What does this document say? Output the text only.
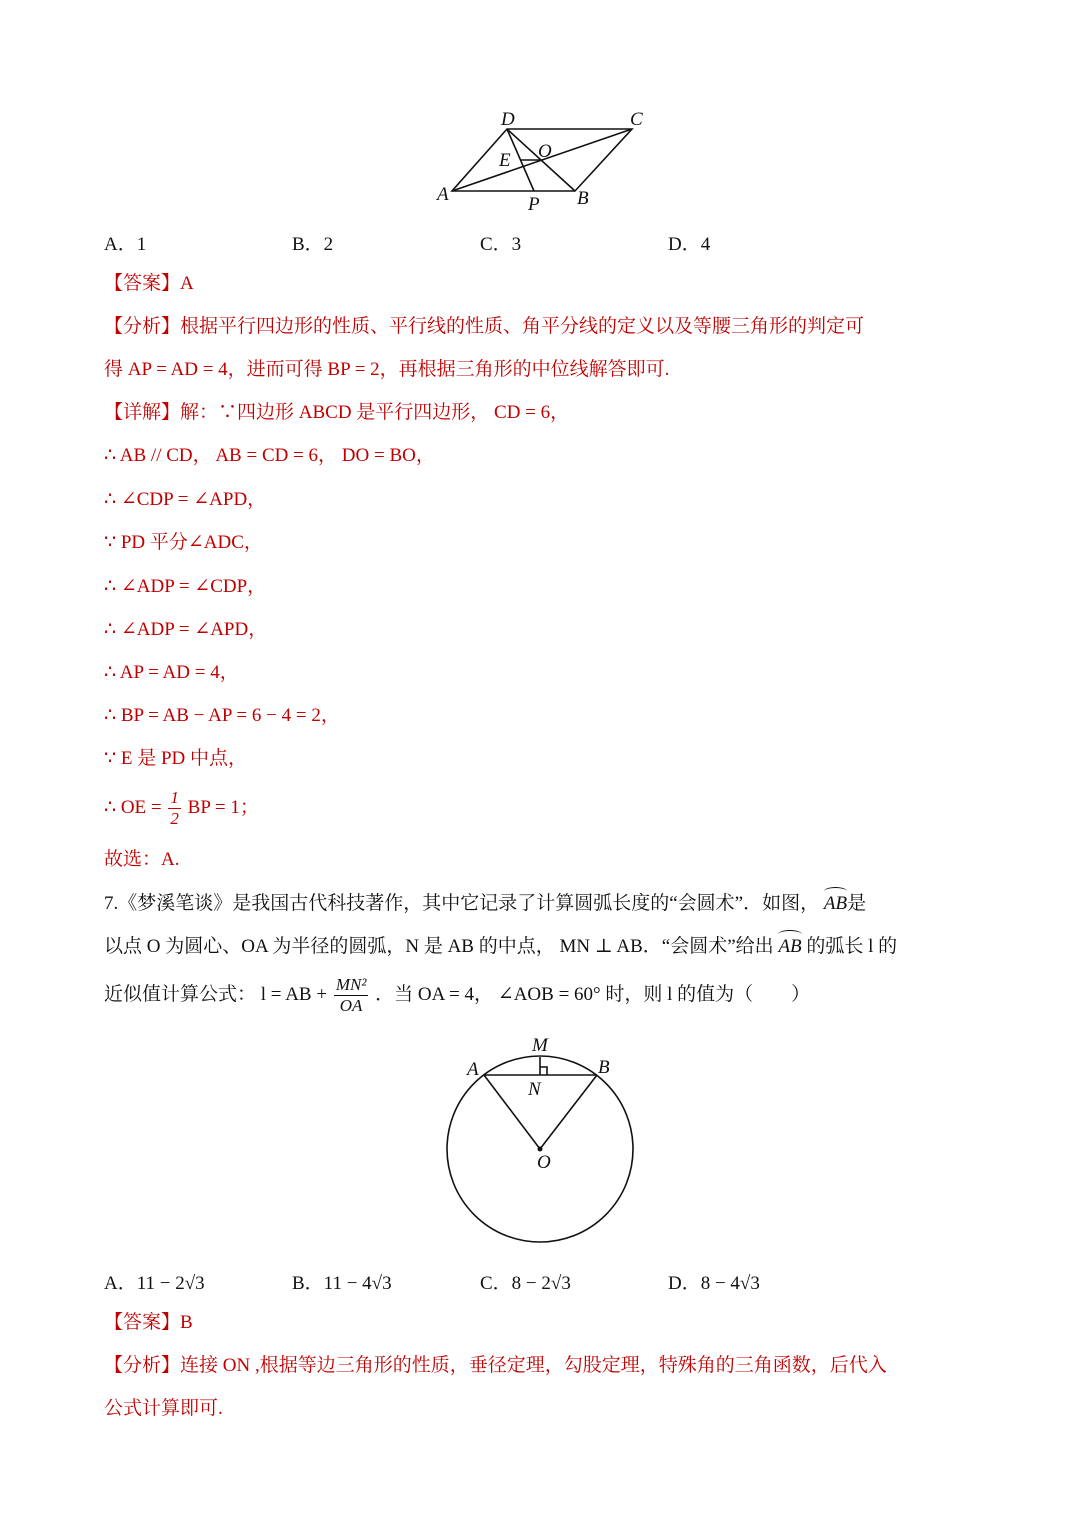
D	C
E O
A	P B
A．1	B．2	C．3	D．4
【答案】A
【分析】根据平行四边形的性质、平行线的性质、角平分线的定义以及等腰三角形的判定可
得 AP = AD = 4，进而可得 BP = 2，再根据三角形的中位线解答即可.
【详解】解：∵四边形 ABCD 是平行四边形， CD = 6，
∴ AB // CD， AB = CD = 6， DO = BO，
∴ ∠CDP = ∠APD，
∵ PD 平分∠ADC，
∴ ∠ADP = ∠CDP，
∴ ∠ADP = ∠APD，
∴ AP = AD = 4，
∴ BP = AB − AP = 6 − 4 = 2，
∵ E 是 PD 中点，
∴ OE = $\frac{1}{2}$ BP = 1；
故选：A.
7.《梦溪笔谈》是我国古代科技著作，其中它记录了计算圆弧长度的“会圆术”．如图， AB是
以点 O 为圆心、OA 为半径的圆弧，N 是 AB 的中点， MN ⊥ AB．“会圆术”给出 AB 的弧长 l 的
近似值计算公式： l = AB + $\frac{\text{MN²}}{OA}$ ．当 OA = 4， ∠AOB = 60° 时，则 l 的值为（　　）
M
A	B
N
O
A．11 − 2√3	B．11 − 4√3	C．8 − 2√3	D．8 − 4√3
【答案】B
【分析】连接 ON ,根据等边三角形的性质，垂径定理，勾股定理，特殊角的三角函数，后代入
公式计算即可.
